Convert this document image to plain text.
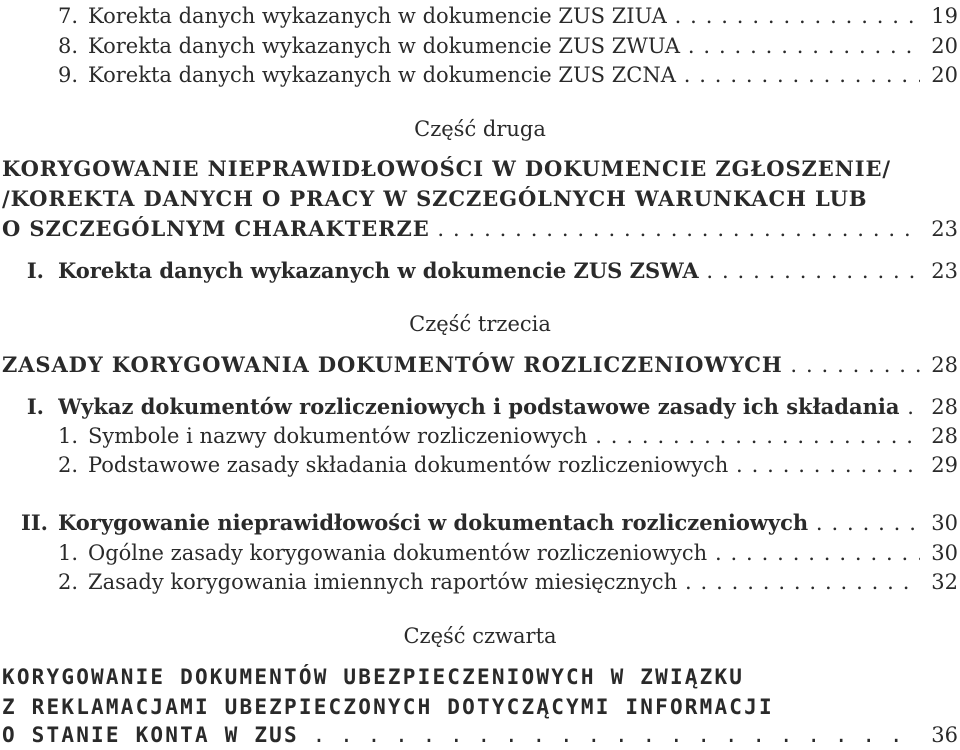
7. Korekta danych wykazanych w dokumencie ZUS ZIUA . . .	19
8. Korekta danych wykazanych w dokumencie ZUS ZWUA . . .	20
9. Korekta danych wykazanych w dokumencie ZUS ZCNA . . .	20
Część druga
KORYGOWANIE NIEPRAWIDŁOWOŚCI W DOKUMENCIE ZGŁOSZENIE/
/KOREKTA DANYCH O PRACY W SZCZEGÓLNYCH WARUNKACH LUB
O SZCZEGÓLNYM CHARAKTERZE . . .	23
I. Korekta danych wykazanych w dokumencie ZUS ZSWA . . .	23
Część trzecia
ZASADY KORYGOWANIA DOKUMENTÓW ROZLICZENIOWYCH . . .	28
I. Wykaz dokumentów rozliczeniowych i podstawowe zasady ich składania . . .	28
1. Symbole i nazwy dokumentów rozliczeniowych . . .	28
2. Podstawowe zasady składania dokumentów rozliczeniowych . . .	29
II. Korygowanie nieprawidłowości w dokumentach rozliczeniowych . . .	30
1. Ogólne zasady korygowania dokumentów rozliczeniowych . . .	30
2. Zasady korygowania imiennych raportów miesięcznych . . .	32
Część czwarta
KORYGOWANIE DOKUMENTÓW UBEZPIECZENIOWYCH W ZWIĄZKU
Z REKLAMACJAMI UBEZPIECZONYCH DOTYCZĄCYMI INFORMACJI
O STANIE KONTA W ZUS . . .	36
